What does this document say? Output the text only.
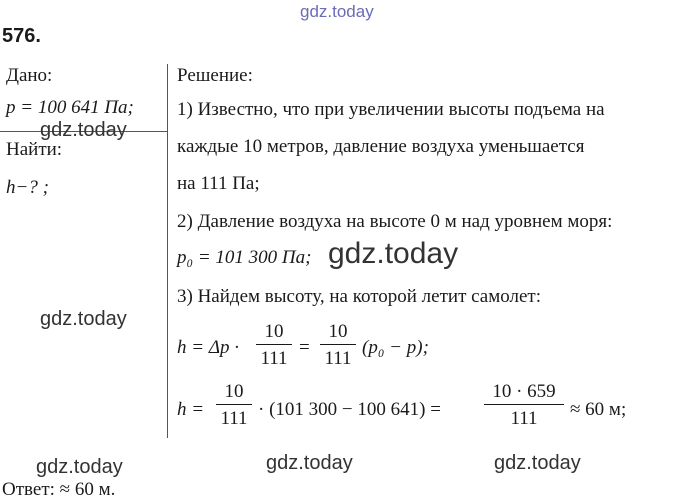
gdz.today
576.
Дано:
p = 100 641 Па;
Найти:
h−? ;
Решение:
1) Известно, что при увеличении высоты подъема на
каждые 10 метров, давление воздуха уменьшается
на 111 Па;
2) Давление воздуха на высоте 0 м над уровнем моря:
p₀ = 101 300 Па;
3) Найдем высоту, на которой летит самолет:
h = Δp ·
10
111
=
10
111
(p₀ − p);
h =
10
111 · (101 300 − 100 641) =
10 · 659
111	≈ 60 м;
Ответ: ≈ 60 м.
gdz.today
gdz.today
gdz.today
gdz.today	gdz.today	gdz.today
